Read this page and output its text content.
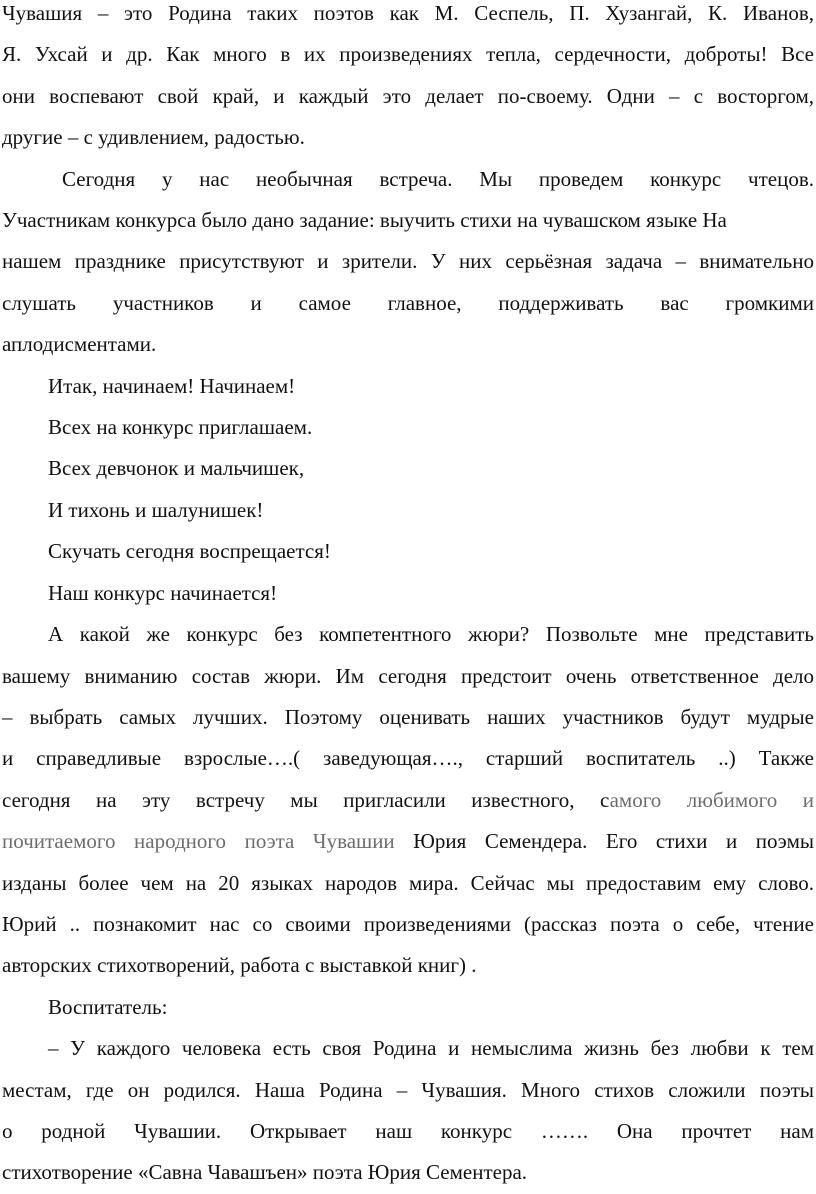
Чувашия – это Родина таких поэтов как М. Сеспель, П. Хузангай, К. Иванов,
Я. Ухсай и др. Как много в их произведениях тепла, сердечности, доброты! Все
они воспевают свой край, и каждый это делает по-своему. Одни – с восторгом,
другие – с удивлением, радостью.

Сегодня у нас необычная встреча. Мы проведем конкурс чтецов.
Участникам конкурса было дано задание: выучить стихи на чувашском языке На
нашем празднике присутствуют и зрители. У них серьёзная задача – внимательно
слушать участников и самое главное, поддерживать вас громкими
аплодисментами.

Итак, начинаем! Начинаем!
Всех на конкурс приглашаем.
Всех девчонок и мальчишек,
И тихонь и шалунишек!
Скучать сегодня воспрещается!
Наш конкурс начинается!

А какой же конкурс без компетентного жюри? Позвольте мне представить
вашему вниманию состав жюри. Им сегодня предстоит очень ответственное дело
– выбрать самых лучших. Поэтому оценивать наших участников будут мудрые
и справедливые взрослые….( заведующая…., старший воспитатель ..) Также
сегодня на эту встречу мы пригласили известного, самого любимого и
почитаемого народного поэта Чувашии Юрия Семендера. Его стихи и поэмы
изданы более чем на 20 языках народов мира. Сейчас мы предоставим ему слово.
Юрий .. познакомит нас со своими произведениями (рассказ поэта о себе, чтение
авторских стихотворений, работа с выставкой книг) .

Воспитатель:

– У каждого человека есть своя Родина и немыслима жизнь без любви к тем
местам, где он родился. Наша Родина – Чувашия. Много стихов сложили поэты
о родной Чувашии. Открывает наш конкурс ……. Она прочтет нам
стихотворение «Савна Чавашъен» поэта Юрия Сементера.
